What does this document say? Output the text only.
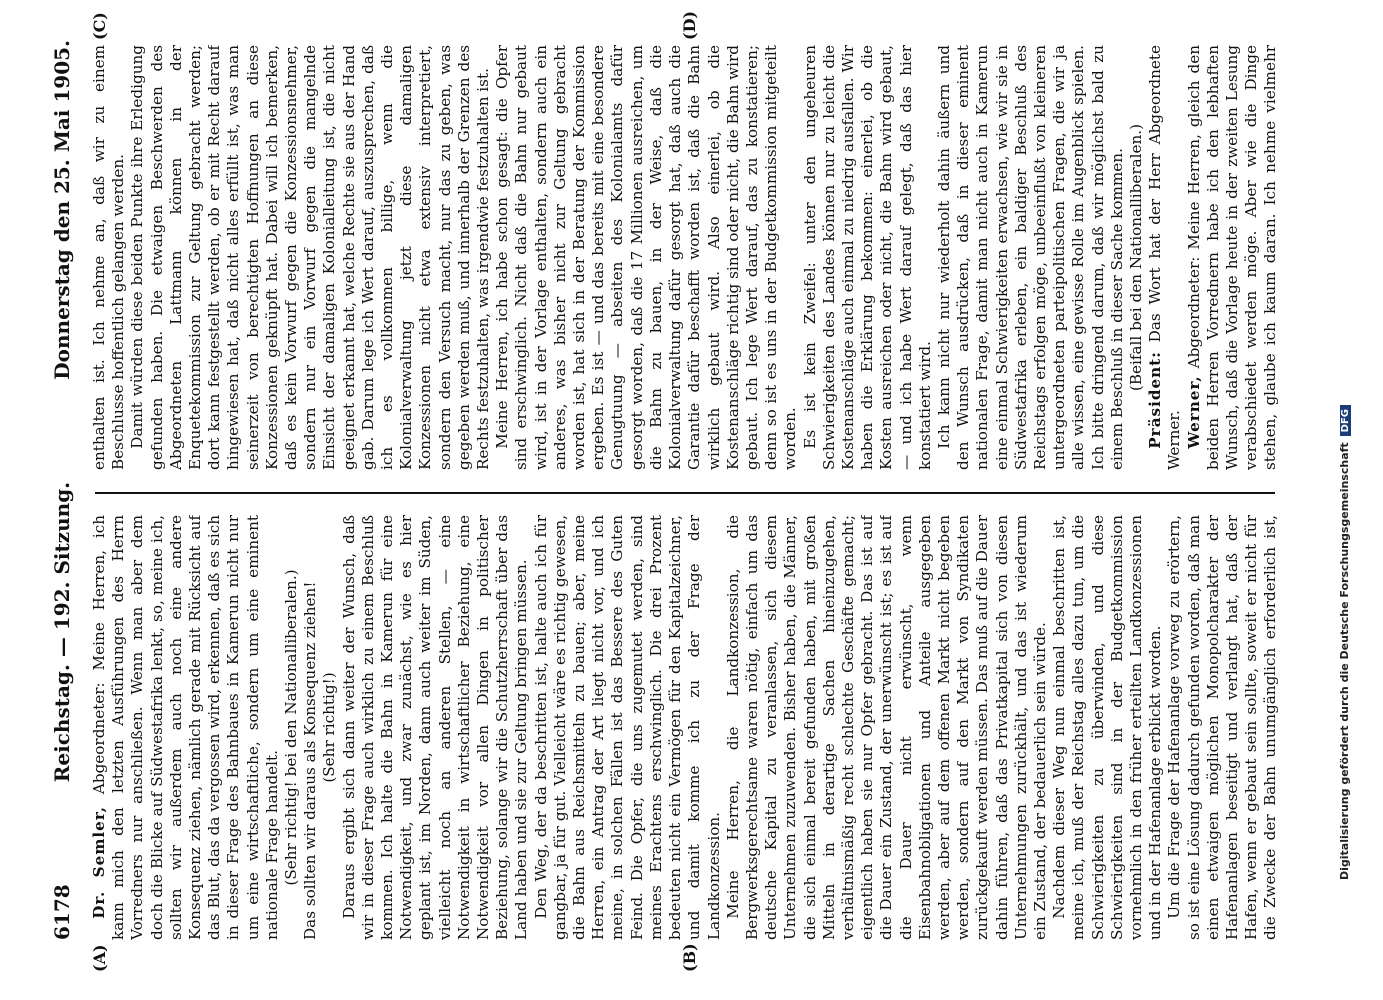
6178
Reichstag. — 192. Sitzung.
Donnerstag den 25. Mai 1905.
(A)	(B)
(C)	(D)

Dr. Semler, Abgeordneter: Meine Herren, ich kann mich den letzten Ausführungen des Herrn Vorredners nur anschließen. Wenn man aber dem doch die Blicke auf Südwestafrika lenkt, so, meine ich, sollten wir außerdem auch noch eine andere Konsequenz ziehen, nämlich gerade mit Rücksicht auf das Blut, das da vergossen wird, erkennen, daß es sich in dieser Frage des Bahnbaues in Kamerun nicht nur um eine wirtschaftliche, sondern um eine eminent nationale Frage handelt. (Sehr richtig! bei den Nationalliberalen.) Das sollten wir daraus als Konsequenz ziehen! (Sehr richtig!) Daraus ergibt sich dann weiter der Wunsch, daß wir in dieser Frage auch wirklich zu einem Beschluß kommen. Ich halte die Bahn in Kamerun für eine Notwendigkeit, und zwar zunächst, wie es hier geplant ist, im Norden, dann auch weiter im Süden, vielleicht noch an anderen Stellen, — eine Notwendigkeit in wirtschaftlicher Beziehung, eine Notwendigkeit vor allen Dingen in politischer Beziehung, solange wir die Schutzherrschaft über das Land haben und sie zur Geltung bringen müssen. Den Weg, der da beschritten ist, halte auch ich für gangbar, ja für gut. Vielleicht wäre es richtig gewesen, die Bahn aus Reichsmitteln zu bauen; aber, meine Herren, ein Antrag der Art liegt nicht vor, und ich meine, in solchen Fällen ist das Bessere des Guten Feind. Die Opfer, die uns zugemutet werden, sind meines Erachtens erschwinglich. Die drei Prozent bedeuten nicht ein Vermögen für den Kapitalzeichner, und damit komme ich zu der Frage der Landkonzession. Meine Herren, die Landkonzession, die Bergwerksgerechtsame waren nötig, einfach um das deutsche Kapital zu veranlassen, sich diesem Unternehmen zuzuwenden. Bisher haben, die Männer, die sich einmal bereit gefunden haben, mit großen Mitteln in derartige Sachen hineinzugehen, verhältnismäßig recht schlechte Geschäfte gemacht; eigentlich haben sie nur Opfer gebracht. Das ist auf die Dauer ein Zustand, der unerwünscht ist; es ist auf die Dauer nicht erwünscht, wenn Eisenbahnobligationen und Anteile ausgegeben werden, aber auf dem offenen Markt nicht begeben werden, sondern auf den Markt von Syndikaten zurückgekauft werden müssen. Das muß auf die Dauer dahin führen, daß das Privatkapital sich von diesen Unternehmungen zurückhält, und das ist wiederum ein Zustand, der bedauerlich sein würde. Nachdem dieser Weg nun einmal beschritten ist, meine ich, muß der Reichstag alles dazu tun, um die Schwierigkeiten zu überwinden, und diese Schwierigkeiten sind in der Budgetkommission vornehmlich in den früher erteilten Landkonzessionen und in der Hafenanlage erblickt worden. Um die Frage der Hafenanlage vorweg zu erörtern, so ist eine Lösung dadurch gefunden worden, daß man einen etwaigen möglichen Monopolcharakter der Hafenanlagen beseitigt und verlangt hat, daß der Hafen, wenn er gebaut sein sollte, soweit er nicht für die Zwecke der Bahn unumgänglich erforderlich ist,

enthalten ist. Ich nehme an, daß wir zu einem Beschlusse hoffentlich gelangen werden. Damit würden diese beiden Punkte ihre Erledigung gefunden haben. Die etwaigen Beschwerden des Abgeordneten Lattmann können in der Enquetekommission zur Geltung gebracht werden; dort kann festgestellt werden, ob er mit Recht darauf hingewiesen hat, daß nicht alles erfüllt ist, was man seinerzeit von berechtigten Hoffnungen an diese Konzessionen geknüpft hat. Dabei will ich bemerken, daß es kein Vorwurf gegen die Konzessionsnehmer, sondern nur ein Vorwurf gegen die mangelnde Einsicht der damaligen Kolonialleitung ist, die nicht geeignet erkannt hat, welche Rechte sie aus der Hand gab. Darum lege ich Wert darauf, auszusprechen, daß ich es vollkommen billige, wenn die Kolonialverwaltung jetzt diese damaligen Konzessionen nicht etwa extensiv interpretiert, sondern den Versuch macht, nur das zu geben, was gegeben werden muß, und innerhalb der Grenzen des Rechts festzuhalten, was irgendwie festzuhalten ist. Meine Herren, ich habe schon gesagt: die Opfer sind erschwinglich. Nicht daß die Bahn nur gebaut wird, ist in der Vorlage enthalten, sondern auch ein anderes, was bisher nicht zur Geltung gebracht worden ist, hat sich in der Beratung der Kommission ergeben. Es ist — und das bereits mit eine besondere Genugtuung — abseiten des Kolonialamts dafür gesorgt worden, daß die 17 Millionen ausreichen, um die Bahn zu bauen, in der Weise, daß die Kolonialverwaltung dafür gesorgt hat, daß auch die Garantie dafür beschafft worden ist, daß die Bahn wirklich gebaut wird. Also einerlei, ob die Kostenanschläge richtig sind oder nicht, die Bahn wird gebaut. Ich lege Wert darauf, das zu konstatieren; denn so ist es uns in der Budgetkommission mitgeteilt worden. Es ist kein Zweifel: unter den ungeheuren Schwierigkeiten des Landes können nur zu leicht die Kostenanschläge auch einmal zu niedrig ausfallen. Wir haben die Erklärung bekommen: einerlei, ob die Kosten ausreichen oder nicht, die Bahn wird gebaut, — und ich habe Wert darauf gelegt, daß das hier konstatiert wird. Ich kann nicht nur wiederholt dahin äußern und den Wunsch ausdrücken, daß in dieser eminent nationalen Frage, damit man nicht auch in Kamerun eine einmal Schwierigkeiten erwachsen, wie wir sie in Südwestafrika erleben, ein baldiger Beschluß des Reichstags erfolgen möge, unbeeinflußt von kleineren untergeordneten parteipolitischen Fragen, die wir ja alle wissen, eine gewisse Rolle im Augenblick spielen. Ich bitte dringend darum, daß wir möglichst bald zu einem Beschluß in dieser Sache kommen. (Beifall bei den Nationalliberalen.)

Präsident: Das Wort hat der Herr Abgeordnete Werner. Werner, Abgeordneter: Meine Herren, gleich den beiden Herren Vorrednern habe ich den lebhaften Wunsch, daß die Vorlage heute in der zweiten Lesung verabschiedet werden möge. Aber wie die Dinge stehen, glaube ich kaum daran. Ich nehme vielmehr

Digitalisierung gefördert durch die Deutsche ForschungsgemeinschaftDFG
